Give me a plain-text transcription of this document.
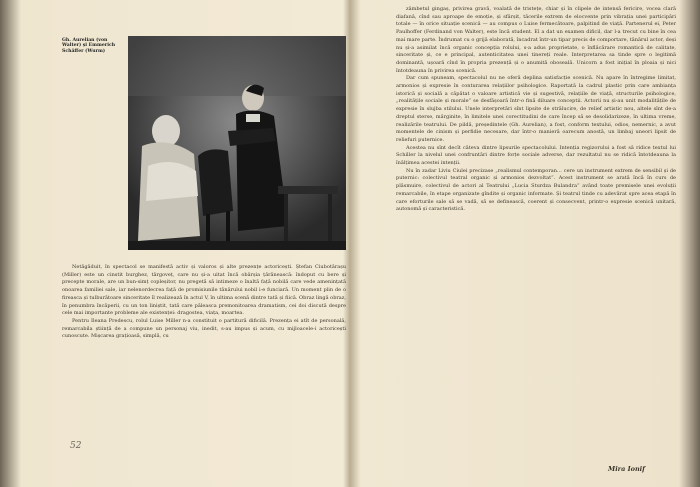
Gh. Aurelian (von Walter) și Emmerich Schäffer (Wurm)

Netăgăduit, în spectacol se manifestă activ și valoros și alte prezențe actoricești. Ștefan Ciubotărașu (Miller) este un cinstit burghez, târgoveț, care nu și-a uitat încă obârșia țărănească: îndoput cu bere și precepte morale, are un bun-simț copleșitor, nu pregetă să intimeze o înaltă față nobilă care vede amenințată onoarea familiei sale, iar nelenordecrea față de promisiunile tânărului nobil i-e funciară. Un moment plin de o fireasca și tulburătoare sinceritate îl realizează în actul V, în ultima scenă dintre tată și fiică. Obraz lingă obraz, în penumbra încăperii, cu un ton liniștit, tată care păleasca premonitoarea dramatism, cei doi discută despre cele mai importante probleme ale existenței: dragostea, viața, moartea.

Pentru Ileana Predescu, rolul Luise Miller n-a constituit o partitură dificilă. Prezența ei atît de personală, remarcabila știință de a compune un personaj viu, inedit, s-au impus și acum, cu mijloacele-i actoricești cunoscute. Mișcarea grațioasă, simplă, cu

52

zâmbetul gingaș, privirea gravă, voalată de tristețe, chiar și în clipele de intensă fericire, vocea clară diafană, cînd sau aproape de emoție, și sfârșit, tăcerile extrem de elocvente prin vibrația unei participări totale — în orice situație scenică — au compus o Luise fermecătoare, palpitind de viață. Partenerul ei, Peter Paulhoffer (Ferdinand von Walter), este încă student. El a dat un examen dificil, dar l-a trecut cu bine în cea mai mare parte. Îndrumat cu o grijă elaborată, încadrat într-un tipar precis de comportare, tânărul actor, deși nu și-a asimilat încă organic concepția rolului, s-a adus proprietate, o înflăcărare romantică de calitate, sinceritate și, ce e principal, autenticitatea unei tinereți reale. Interpretarea sa tinde spre o legitimă dominantă, ușoară cînd în propria prezență și o anumită oboseală. Unicorn a fost inițial în ploaia și nici întotdeauna în privirea scenică.

Dar cum spuneam, spectacolul nu ne oferă deplina satisfacție scenică. Nu apare în întregime limitat, armonios și expresie în conturarea relațiilor psihologice. Raportată la cadrul plastic prin care ambianța istorică și socială a căpătat o valoare artistică vie și sugestivă, relațiile de viață, structurile psihologice, „realitățile sociale și morale” se desfășoară într-o fină diluare conceptii. Actorii nu și-au unit modalitățile de expresie în slujba stilului. Unele interpretări sînt lipsite de strălucire, de relief artistic nou, altele sînt de-a dreptul sterse, mărginite, în limitele unei corectitudini de care încep să se desolidarizeze, în ultima vreme, realizările teatrului. De pildă, președintele (Gh. Aurelian), a fost, conform textului, odios, nemernic, a avut momentele de cinism și perfidie necesare, dar într-o manieră oarecum anostă, un limbaj uneori lipsit de reliefuri puternice.

Acestea nu sînt decît câteva dintre lipsurile spectacolului. Intenția regizorului a fost să ridice textul lui Schiller la nivelul unei confruntări dintre forțe sociale adverse, dar rezultatul nu se ridică întotdeauna la înălțimea acestei intenții.

Nu în zadar Liviu Ciulei precizase „realismul contemporan… cere un instrument extrem de sensibil și de puternic: colectivul teatral organic și armonios dezvoltat”. Acest instrument se arată încă în curs de plăsmuire, colectivul de actori al Teatrului „Lucia Sturdza Bulandra” având toate premisele unei evoluții remarcabile, în etape organizate gîndite și organic informate. Și teatrul tinde cu adevărat spre acea etapă în care eforturile sale să se vadă, să se definească, coerent și consecvent, printr-o expresie scenică unitară, autonomă și caracteristică.

Mira Ionif
